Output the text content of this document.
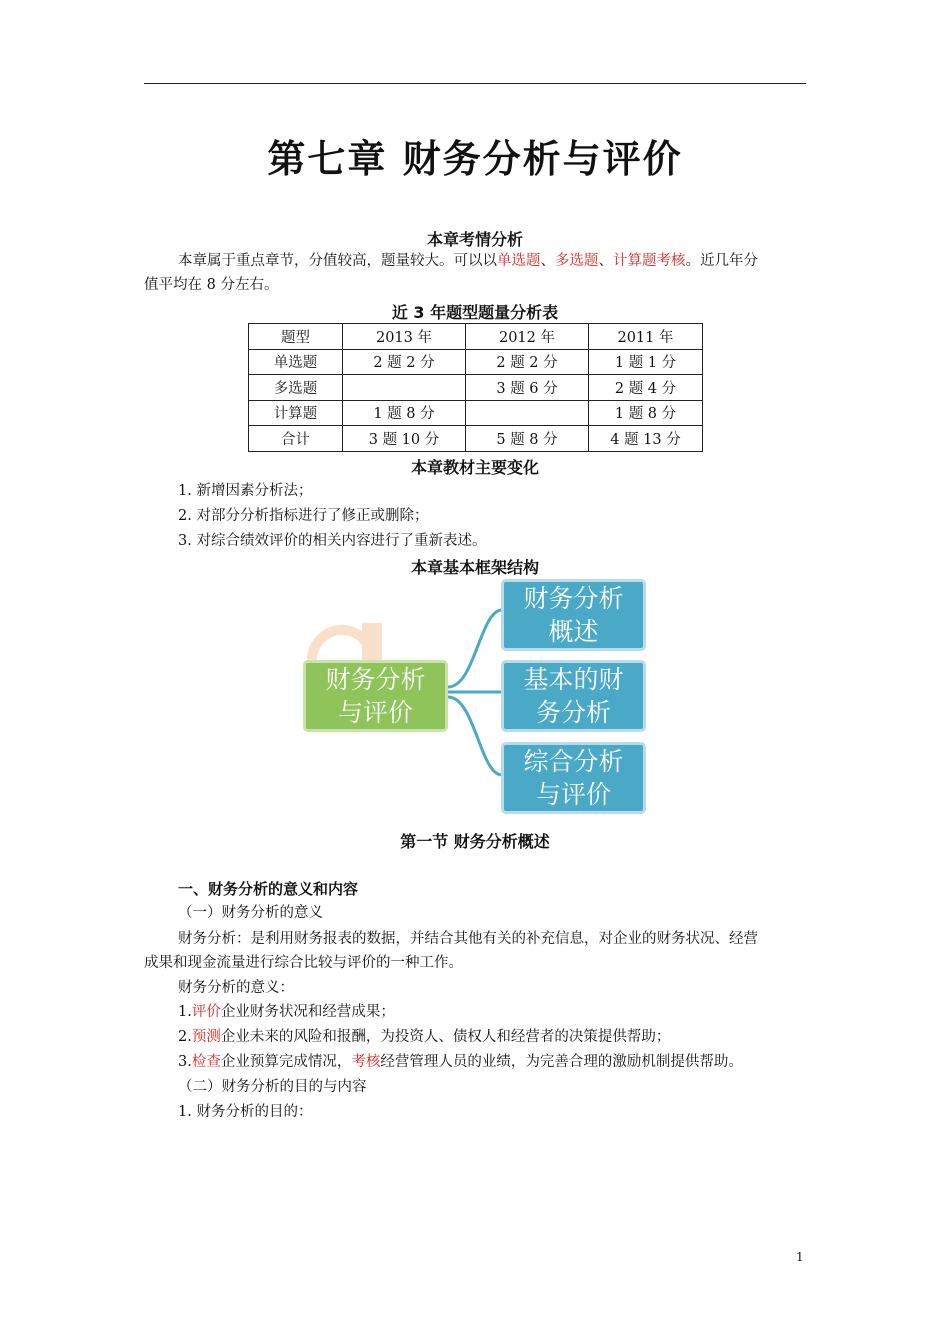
第七章 财务分析与评价
本章考情分析
本章属于重点章节，分值较高，题量较大。可以以单选题、多选题、计算题考核。近几年分
值平均在 8 分左右。
近 3 年题型题量分析表
题型	2013 年	2012 年	2011 年
单选题	2 题 2 分	2 题 2 分	1 题 1 分
多选题		3 题 6 分	2 题 4 分
计算题	1 题 8 分		1 题 8 分
合计	3 题 10 分	5 题 8 分	4 题 13 分
本章教材主要变化
1. 新增因素分析法；
2. 对部分分析指标进行了修正或删除；
3. 对综合绩效评价的相关内容进行了重新表述。
本章基本框架结构
财务分析
与评价
财务分析
概述
基本的财
务分析
综合分析
与评价
第一节 财务分析概述
一、财务分析的意义和内容
（一）财务分析的意义
财务分析：是利用财务报表的数据，并结合其他有关的补充信息，对企业的财务状况、经营
成果和现金流量进行综合比较与评价的一种工作。
财务分析的意义：
1.评价企业财务状况和经营成果；
2.预测企业未来的风险和报酬，为投资人、债权人和经营者的决策提供帮助；
3.检查企业预算完成情况，考核经营管理人员的业绩，为完善合理的激励机制提供帮助。
（二）财务分析的目的与内容
1. 财务分析的目的：
1
